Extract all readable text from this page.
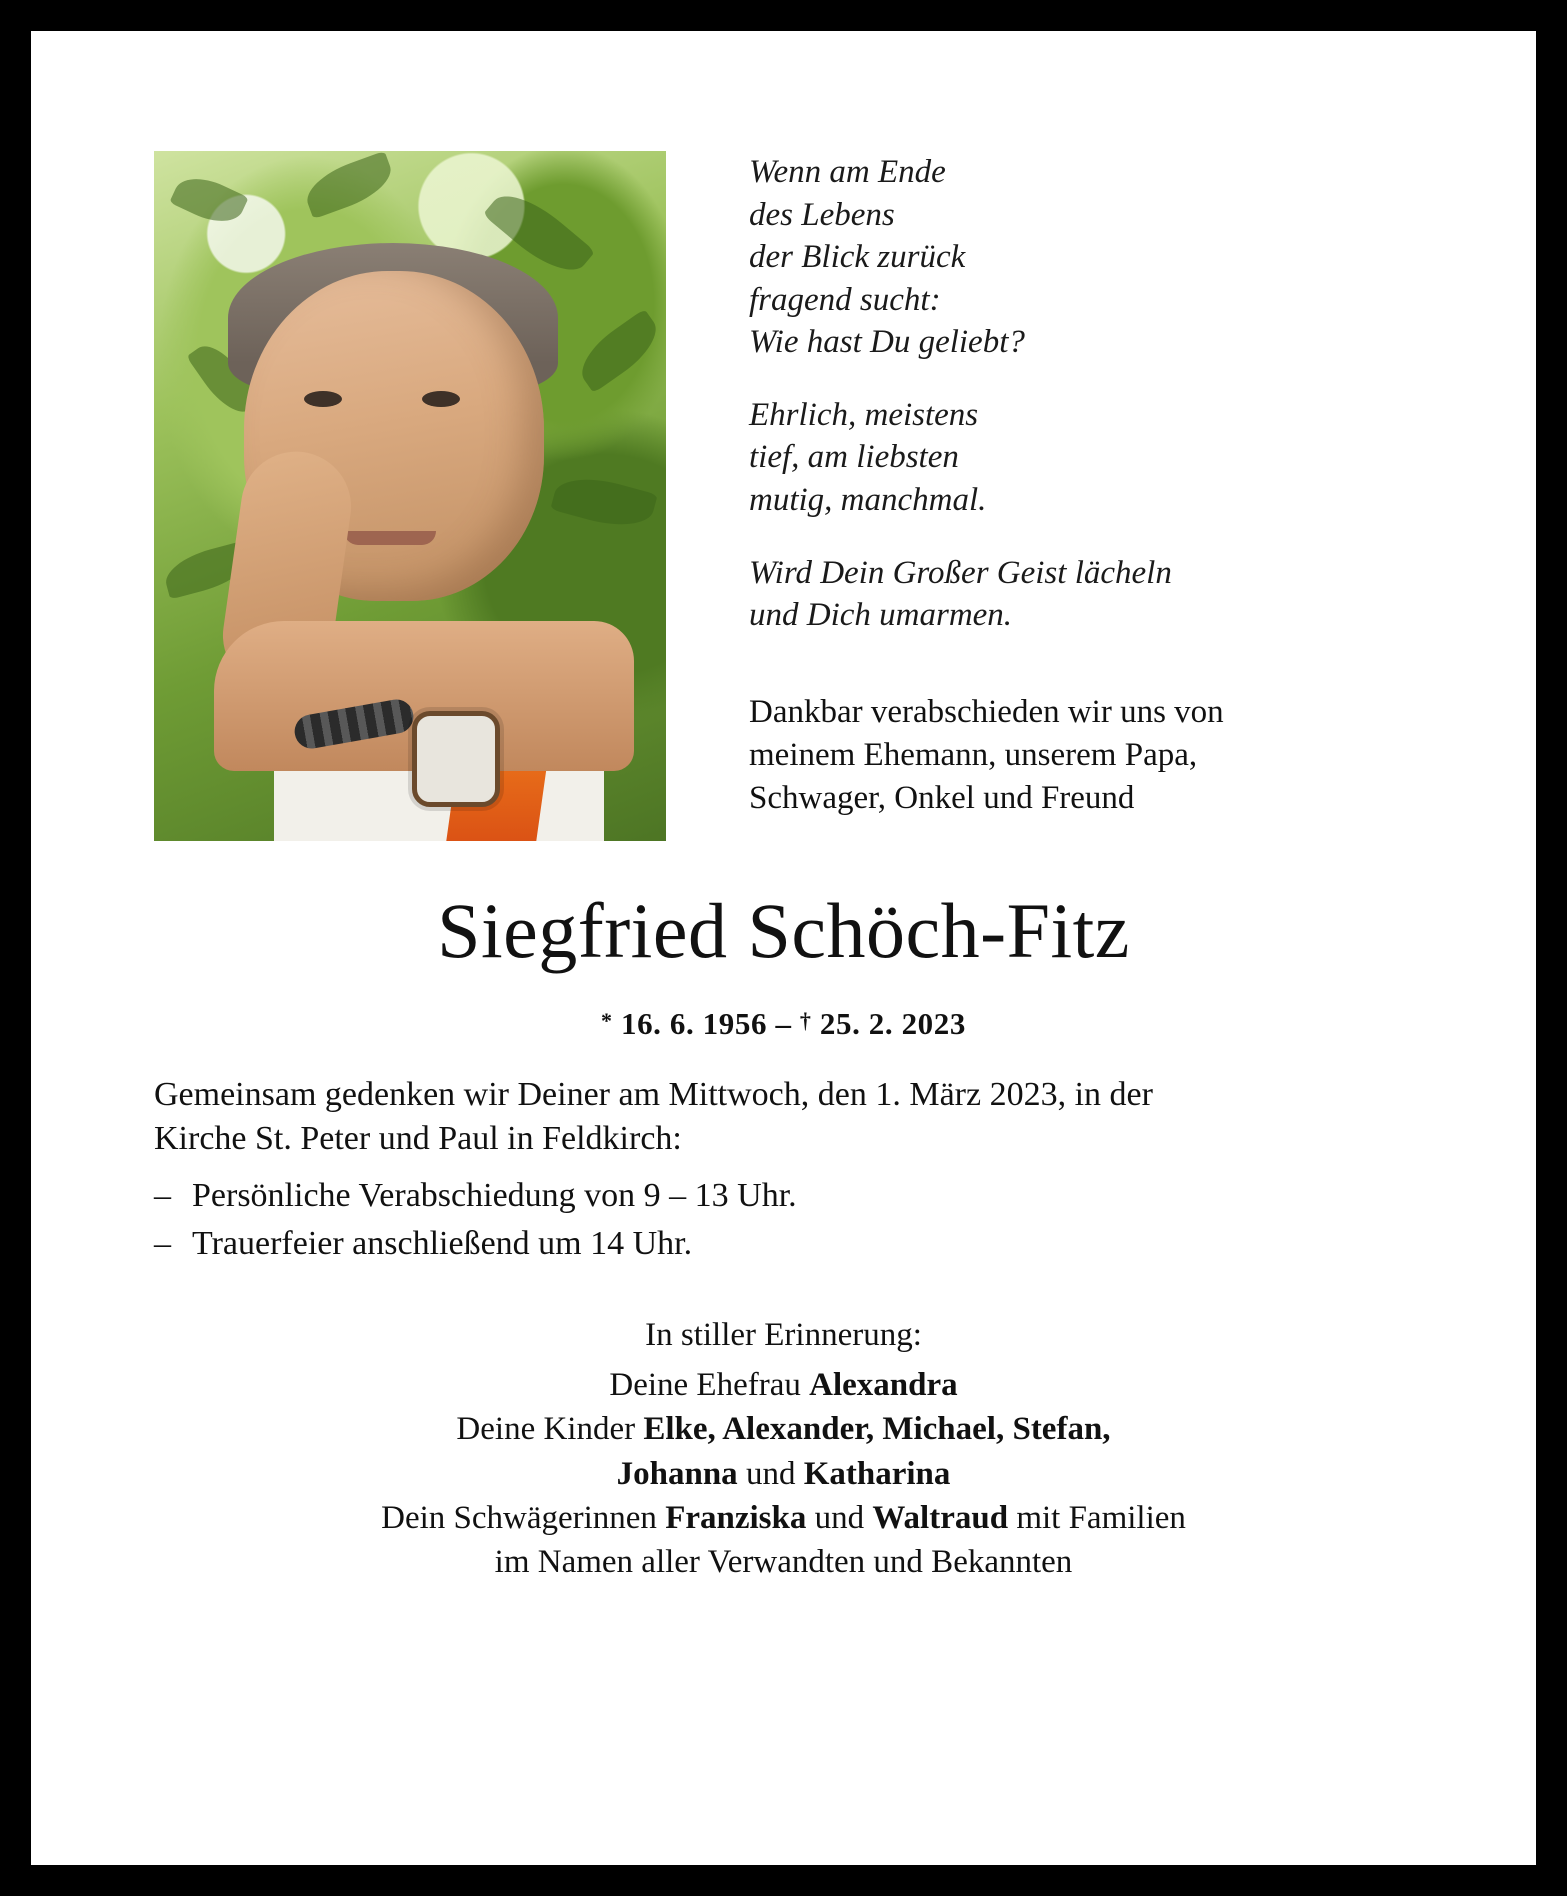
Wenn am Ende
des Lebens
der Blick zurück
fragend sucht:
Wie hast Du geliebt?
Ehrlich, meistens
tief, am liebsten
mutig, manchmal.
Wird Dein Großer Geist lächeln
und Dich umarmen.
Dankbar verabschieden wir uns von
meinem Ehemann, unserem Papa,
Schwager, Onkel und Freund
Siegfried Schöch-Fitz
* 16. 6. 1956 – † 25. 2. 2023
Gemeinsam gedenken wir Deiner am Mittwoch, den 1. März 2023, in der
Kirche St. Peter und Paul in Feldkirch:
– Persönliche Verabschiedung von 9 – 13 Uhr.
– Trauerfeier anschließend um 14 Uhr.
In stiller Erinnerung:
Deine Ehefrau Alexandra
Deine Kinder Elke, Alexander, Michael, Stefan,
Johanna und Katharina
Dein Schwägerinnen Franziska und Waltraud mit Familien
im Namen aller Verwandten und Bekannten
